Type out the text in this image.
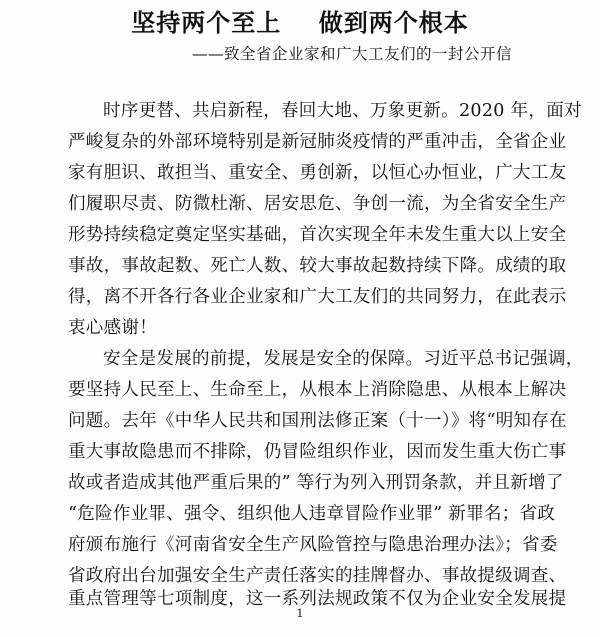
坚持两个至上    做到两个根本
——致全省企业家和广大工友们的一封公开信
时序更替、共启新程，春回大地、万象更新。2020 年，面对
严峻复杂的外部环境特别是新冠肺炎疫情的严重冲击，全省企业
家有胆识、敢担当、重安全、勇创新，以恒心办恒业，广大工友
们履职尽责、防微杜渐、居安思危、争创一流，为全省安全生产
形势持续稳定奠定坚实基础，首次实现全年未发生重大以上安全
事故，事故起数、死亡人数、较大事故起数持续下降。成绩的取
得，离不开各行各业企业家和广大工友们的共同努力，在此表示
衷心感谢！
安全是发展的前提，发展是安全的保障。习近平总书记强调，
要坚持人民至上、生命至上，从根本上消除隐患、从根本上解决
问题。去年《中华人民共和国刑法修正案（十一）》将“明知存在
重大事故隐患而不排除，仍冒险组织作业，因而发生重大伤亡事
故或者造成其他严重后果的” 等行为列入刑罚条款，并且新增了
“危险作业罪、强令、组织他人违章冒险作业罪” 新罪名；省政
府颁布施行《河南省安全生产风险管控与隐患治理办法》；省委
省政府出台加强安全生产责任落实的挂牌督办、事故提级调查、
重点管理等七项制度，这一系列法规政策不仅为企业安全发展提
1
